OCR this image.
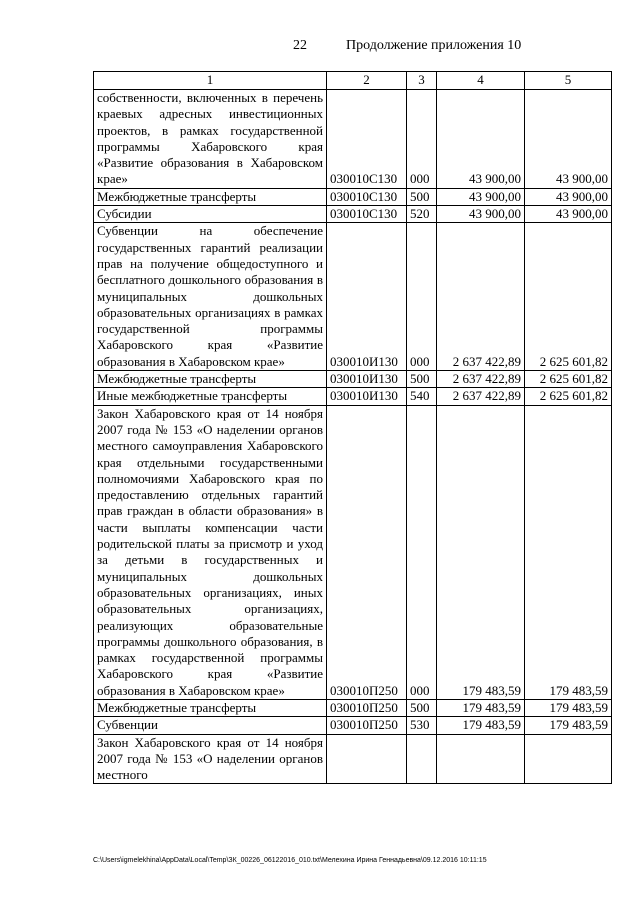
22	Продолжение приложения 10
1	2	3	4	5
собственности, включенных в перечень краевых адресных инвестиционных проектов, в рамках государственной программы Хабаровского края «Развитие образования в Хабаровском крае»	030010С130	000	43 900,00	43 900,00
Межбюджетные трансферты	030010С130	500	43 900,00	43 900,00
Субсидии	030010С130	520	43 900,00	43 900,00
Субвенции на обеспечение государственных гарантий реализации прав на получение общедоступного и бесплатного дошкольного образования в муниципальных дошкольных образовательных организациях в рамках государственной программы Хабаровского края «Развитие образования в Хабаровском крае»	030010И130	000	2 637 422,89	2 625 601,82
Межбюджетные трансферты	030010И130	500	2 637 422,89	2 625 601,82
Иные межбюджетные трансферты	030010И130	540	2 637 422,89	2 625 601,82
Закон Хабаровского края от 14 ноября 2007 года № 153 «О наделении органов местного самоуправления Хабаровского края отдельными государственными полномочиями Хабаровского края по предоставлению отдельных гарантий прав граждан в области образования» в части выплаты компенсации части родительской платы за присмотр и уход за детьми в государственных и муниципальных дошкольных образовательных организациях, иных образовательных организациях, реализующих образовательные программы дошкольного образования, в рамках государственной программы Хабаровского края «Развитие образования в Хабаровском крае»	030010П250	000	179 483,59	179 483,59
Межбюджетные трансферты	030010П250	500	179 483,59	179 483,59
Субвенции	030010П250	530	179 483,59	179 483,59
Закон Хабаровского края от 14 ноября 2007 года № 153 «О наделении органов местного				
C:\Users\igmelekhina\AppData\Local\Temp\ЗК_00226_06122016_010.txt\Мелехина Ирина Геннадьевна\09.12.2016 10:11:15
